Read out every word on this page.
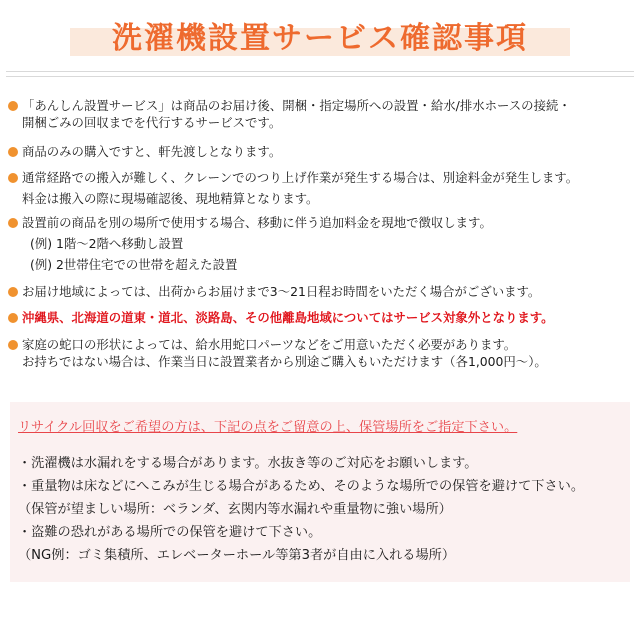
洗濯機設置サービス確認事項
「あんしん設置サービス」は商品のお届け後、開梱・指定場所への設置・給水/排水ホースの接続・
開梱ごみの回収までを代行するサービスです。
商品のみの購入ですと、軒先渡しとなります。
通常経路での搬入が難しく、クレーンでのつり上げ作業が発生する場合は、別途料金が発生します。
料金は搬入の際に現場確認後、現地精算となります。
設置前の商品を別の場所で使用する場合、移動に伴う追加料金を現地で徴収します。
(例) 1階～2階へ移動し設置
(例) 2世帯住宅での世帯を超えた設置
お届け地域によっては、出荷からお届けまで3～21日程お時間をいただく場合がございます。
沖縄県、北海道の道東・道北、淡路島、その他離島地域についてはサービス対象外となります。
家庭の蛇口の形状によっては、給水用蛇口パーツなどをご用意いただく必要があります。
お持ちではない場合は、作業当日に設置業者から別途ご購入もいただけます（各1,000円～）。
リサイクル回収をご希望の方は、下記の点をご留意の上、保管場所をご指定下さい。
・洗濯機は水漏れをする場合があります。水抜き等のご対応をお願いします。
・重量物は床などにへこみが生じる場合があるため、そのような場所での保管を避けて下さい。
（保管が望ましい場所：ベランダ、玄関内等水漏れや重量物に強い場所）
・盗難の恐れがある場所での保管を避けて下さい。
（NG例：ゴミ集積所、エレベーターホール等第3者が自由に入れる場所）
